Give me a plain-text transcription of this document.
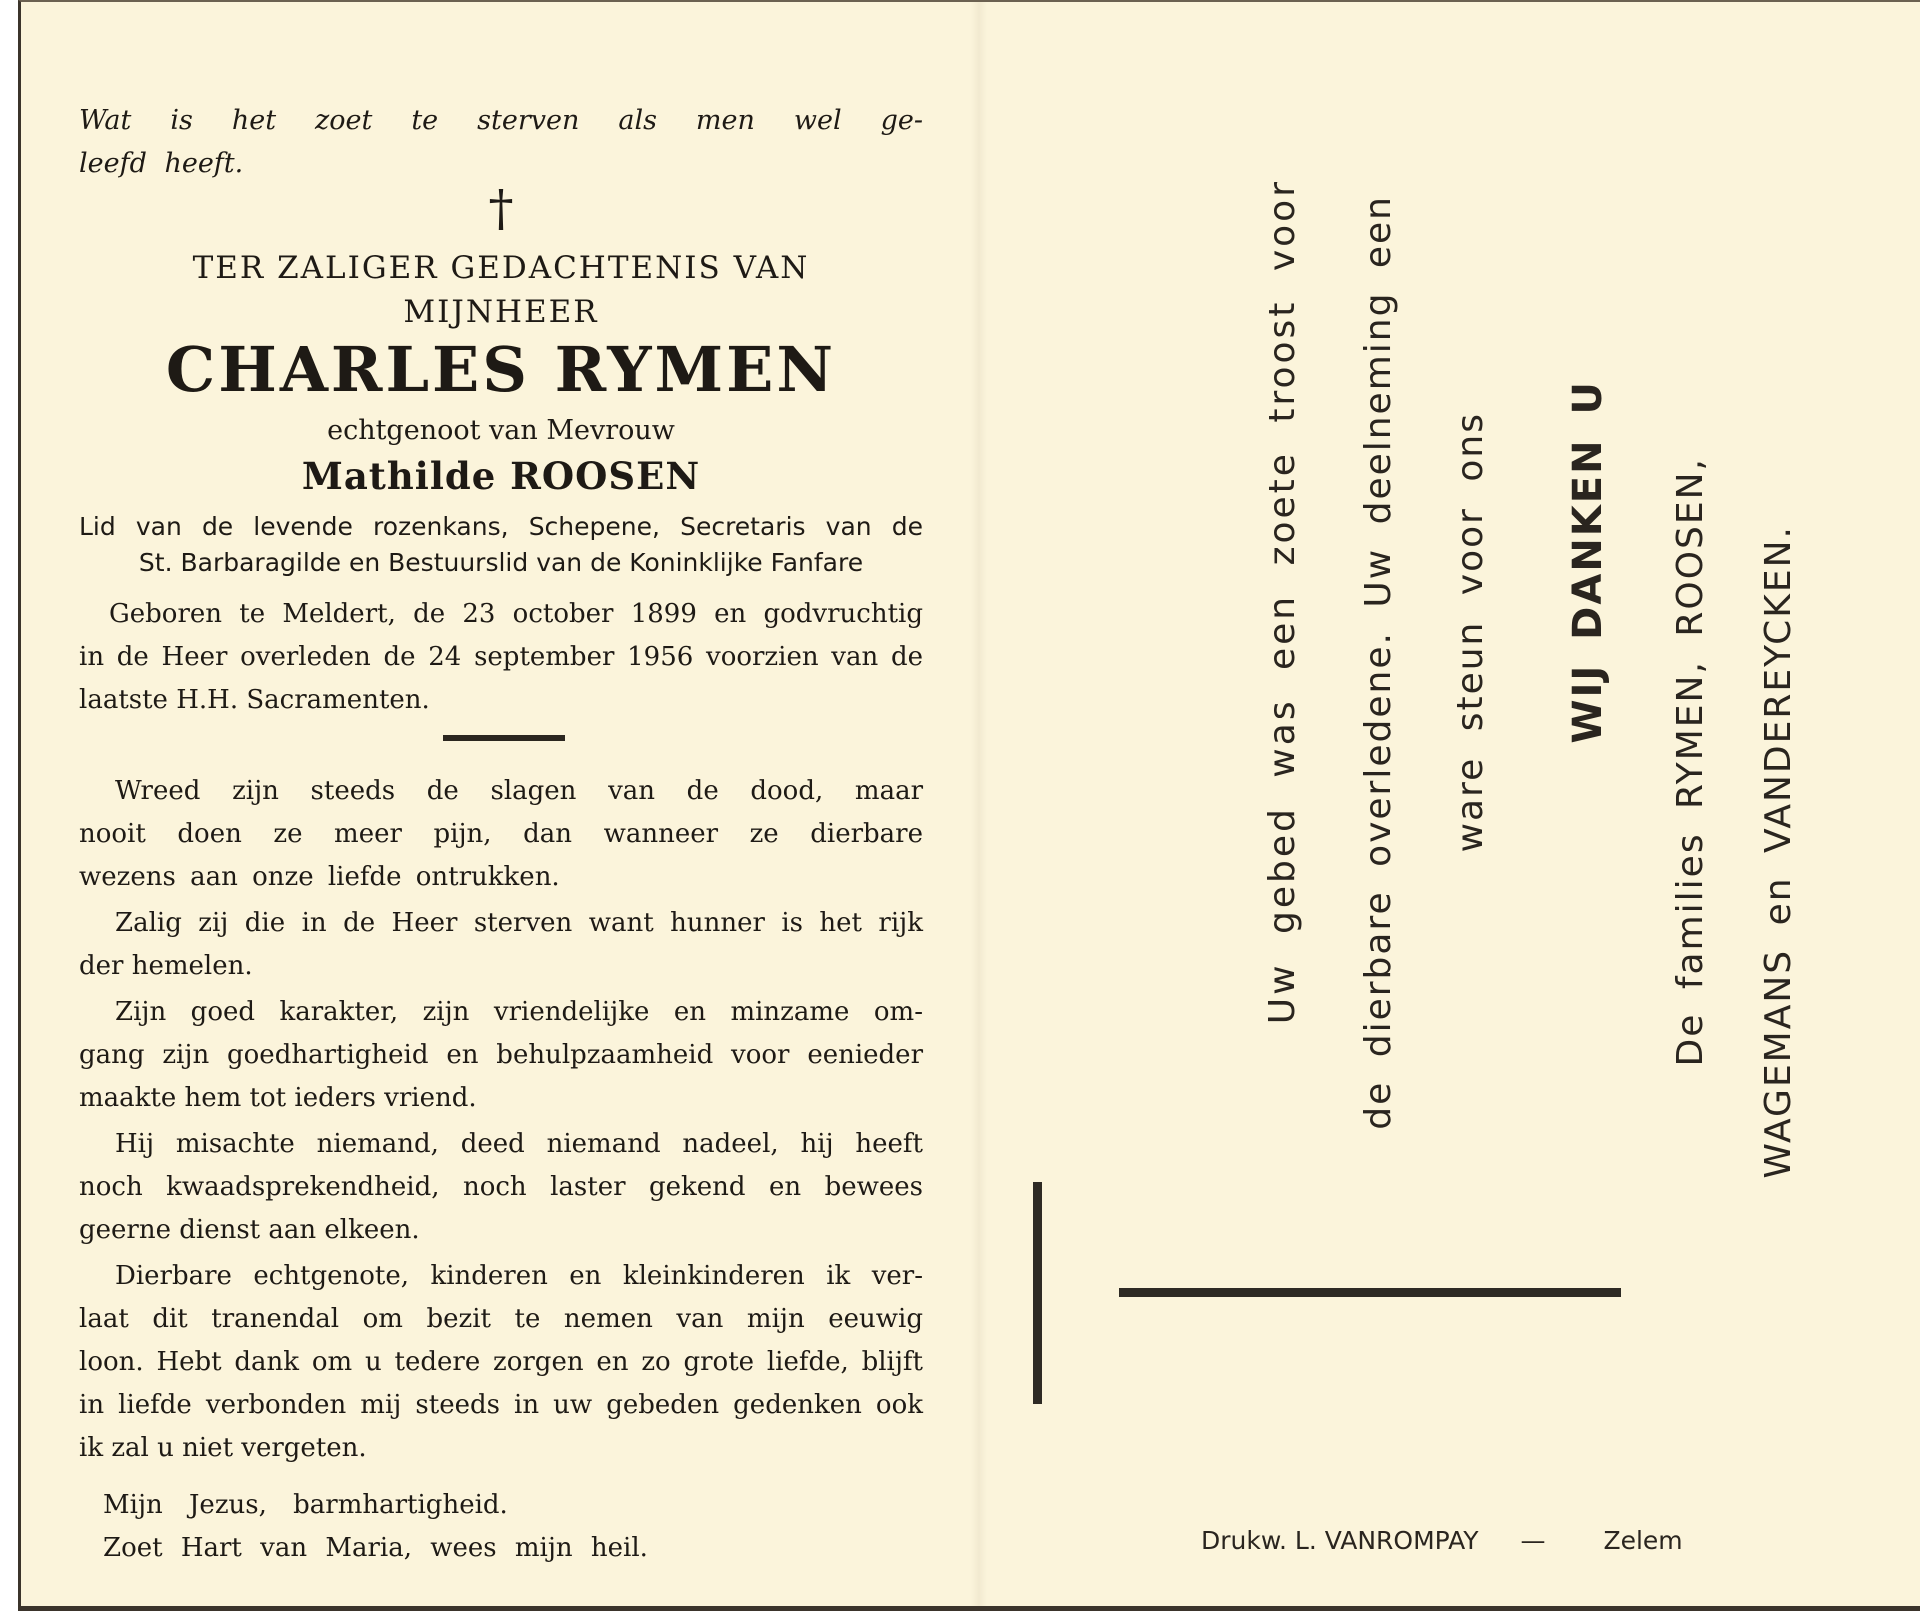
Wat is het zoet te sterven als men wel ge-

leefd heeft.

†

TER ZALIGER GEDACHTENIS VAN

MIJNHEER

CHARLES RYMEN

echtgenoot van Mevrouw

Mathilde ROOSEN

Lid van de levende rozenkans, Schepene, Secretaris van de

St. Barbaragilde en Bestuurslid van de Koninklijke Fanfare

Geboren te Meldert, de 23 october 1899 en godvruchtig

in de Heer overleden de 24 september 1956 voorzien van de

laatste H.H. Sacramenten.

Wreed zijn steeds de slagen van de dood, maar

nooit doen ze meer pijn, dan wanneer ze dierbare

wezens aan onze liefde ontrukken.

Zalig zij die in de Heer sterven want hunner is het rijk

der hemelen.

Zijn goed karakter, zijn vriendelijke en minzame om-

gang zijn goedhartigheid en behulpzaamheid voor eenieder

maakte hem tot ieders vriend.

Hij misachte niemand, deed niemand nadeel, hij heeft

noch kwaadsprekendheid, noch laster gekend en bewees

geerne dienst aan elkeen.

Dierbare echtgenote, kinderen en kleinkinderen ik ver-

laat dit tranendal om bezit te nemen van mijn eeuwig

loon. Hebt dank om u tedere zorgen en zo grote liefde, blijft

in liefde verbonden mij steeds in uw gebeden gedenken ook

ik zal u niet vergeten.

Mijn Jezus, barmhartigheid.

Zoet Hart van Maria, wees mijn heil.

Uw gebed was een zoete troost voor de dierbare overledene. Uw deelneming een ware steun voor ons WIJ DANKEN U De families RYMEN, ROOSEN, WAGEMANS en VANDEREYCKEN.
Drukw. L. VANROMPAY — Zelem
